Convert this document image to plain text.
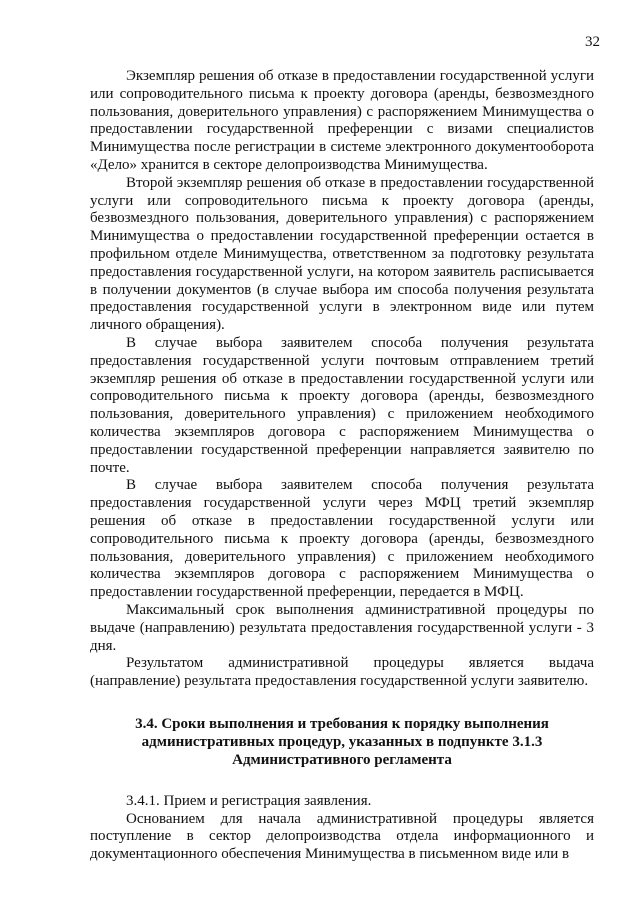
32

Экземпляр решения об отказе в предоставлении государственной услуги или сопроводительного письма к проекту договора (аренды, безвозмездного пользования, доверительного управления) с распоряжением Минимущества о предоставлении государственной преференции с визами специалистов Минимущества после регистрации в системе электронного документооборота «Дело» хранится в секторе делопроизводства Минимущества.

Второй экземпляр решения об отказе в предоставлении государственной услуги или сопроводительного письма к проекту договора (аренды, безвозмездного пользования, доверительного управления) с распоряжением Минимущества о предоставлении государственной преференции остается в профильном отделе Минимущества, ответственном за подготовку результата предоставления государственной услуги, на котором заявитель расписывается в получении документов (в случае выбора им способа получения результата предоставления государственной услуги в электронном виде или путем личного обращения).

В случае выбора заявителем способа получения результата предоставления государственной услуги почтовым отправлением третий экземпляр решения об отказе в предоставлении государственной услуги или сопроводительного письма к проекту договора (аренды, безвозмездного пользования, доверительного управления) с приложением необходимого количества экземпляров договора с распоряжением Минимущества о предоставлении государственной преференции направляется заявителю по почте.

В случае выбора заявителем способа получения результата предоставления государственной услуги через МФЦ третий экземпляр решения об отказе в предоставлении государственной услуги или сопроводительного письма к проекту договора (аренды, безвозмездного пользования, доверительного управления) с приложением необходимого количества экземпляров договора с распоряжением Минимущества о предоставлении государственной преференции, передается в МФЦ.

Максимальный срок выполнения административной процедуры по выдаче (направлению) результата предоставления государственной услуги - 3 дня.

Результатом административной процедуры является выдача (направление) результата предоставления государственной услуги заявителю.

3.4. Сроки выполнения и требования к порядку выполнения
административных процедур, указанных в подпункте 3.1.3
Административного регламента

3.4.1. Прием и регистрация заявления.

Основанием для начала административной процедуры является поступление в сектор делопроизводства отдела информационного и документационного обеспечения Минимущества в письменном виде или в
